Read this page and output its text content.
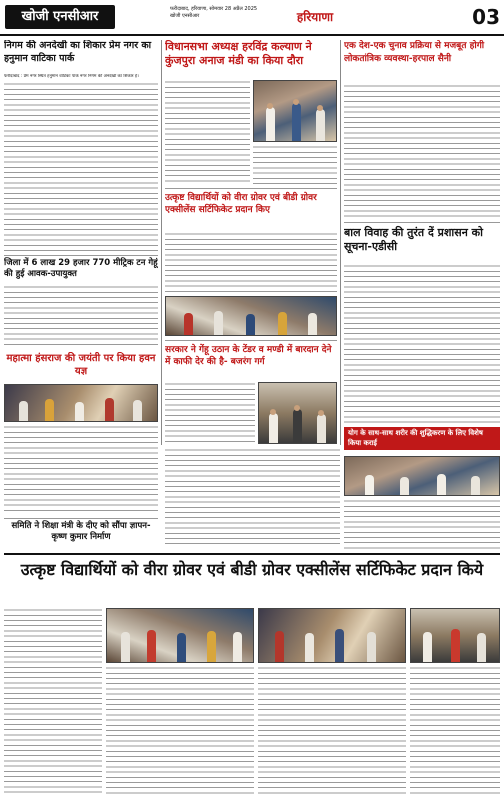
खोजी एनसीआर	फरीदाबाद, हरियाणा, सोमवार 28 अप्रैल 2025
खोजी एनसीआर	हरियाणा	03
निगम की अनदेखी का शिकार प्रेम नगर का हनुमान वाटिका पार्क
फरीदाबाद : प्रेम नगर स्थित हनुमान वाटिका पार्क नगर निगम की अनदेखी का शिकार है।
जिला में 6 लाख 29 हजार 770 मीट्रिक टन गेहूं की हुई आवक-उपायुक्त
महात्मा हंसराज की जयंती पर किया हवन यज्ञ
समिति ने शिक्षा मंत्री के दीए को सौंपा ज्ञापन-कृष्ण कुमार निर्माण
विधानसभा अध्यक्ष हरविंद्र कल्याण ने कुंजपुरा अनाज मंडी का किया दौरा
उत्कृष्ट विद्यार्थियों को वीरा ग्रोवर एवं बीडी ग्रोवर एक्सीलेंस सर्टिफिकेट प्रदान किए
सरकार ने गेंहू उठान के टेंडर व मण्डी में बारदान देने में काफी देर की है- बजरंग गर्ग
एक देश-एक चुनाव प्रक्रिया से मजबूत होगी लोकतांत्रिक व्यवस्था-हरपाल सैनी
बाल विवाह की तुरंत दें प्रशासन को सूचना-एडीसी
योग के साथ-साथ शरीर की शुद्धिकरण के लिए विशेष किया कराई
उत्कृष्ट विद्यार्थियों को वीरा ग्रोवर एवं बीडी ग्रोवर एक्सीलेंस सर्टिफिकेट प्रदान किये
